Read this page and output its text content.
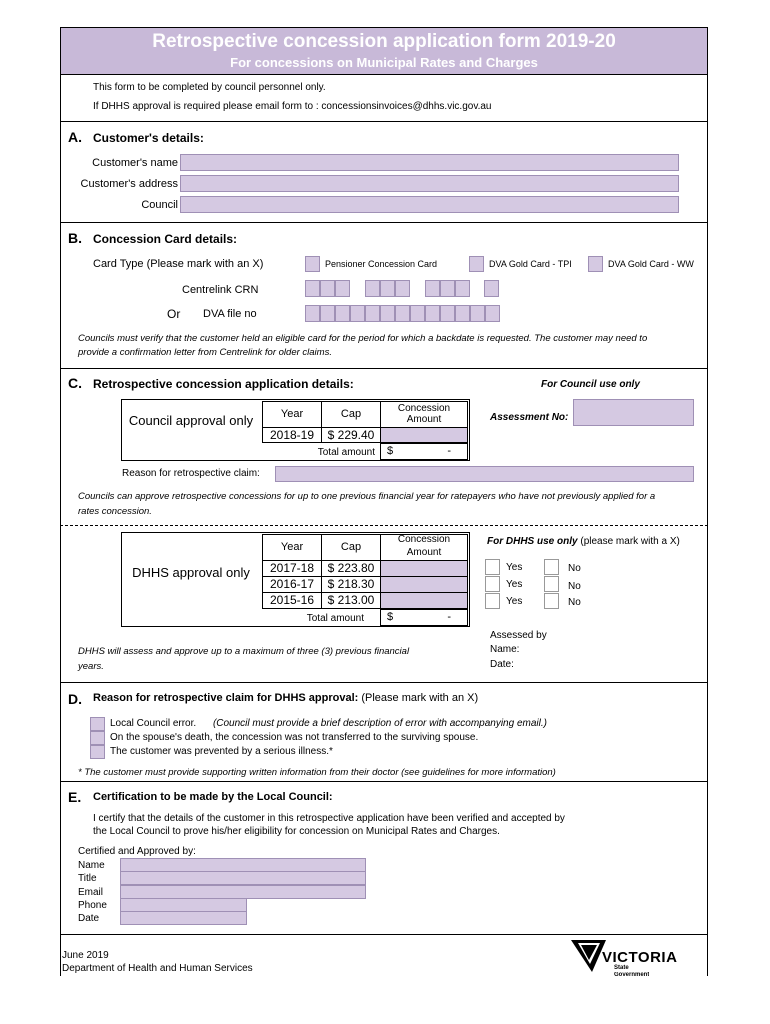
Retrospective concession application form 2019-20
For concessions on Municipal Rates and Charges
This form to be completed by council personnel only.
If DHHS approval is required please email form to : concessionsinvoices@dhhs.vic.gov.au
A. Customer's details:
Customer's name
Customer's address
Council
B. Concession Card details:
Card Type (Please mark with an X)	Pensioner Concession Card	DVA Gold Card - TPI	DVA Gold Card - WW
Centrelink CRN
Or DVA file no
Councils must verify that the customer held an eligible card for the period for which a backdate is requested. The customer may need to
provide a confirmation letter from Centrelink for older claims.
C. Retrospective concession application details:	For Council use only
Council approval only	Year	Cap	Concession
Amount
2018-19	$ 229.40
Total amount $	-
Assessment No:
Reason for retrospective claim:
Councils can approve retrospective concessions for up to one previous financial year for ratepayers who have not previously applied for a
rates concession.
DHHS approval only
Year	Cap
Concession
Amount
2017-18	$ 223.80
2016-17	$ 218.30
2015-16	$ 213.00
Total amount $	-
For DHHS use only (please mark with a X)
Yes	No
Yes	No
Yes	No
DHHS will assess and approve up to a maximum of three (3) previous financial
years.
Assessed by
Name:
Date:
D. Reason for retrospective claim for DHHS approval: (Please mark with an X)
Local Council error. (Council must provide a brief description of error with accompanying email.)
On the spouse's death, the concession was not transferred to the surviving spouse.
The customer was prevented by a serious illness.*
* The customer must provide supporting written information from their doctor (see guidelines for more information)
E. Certification to be made by the Local Council:
I certify that the details of the customer in this retrospective application have been verified and accepted by
the Local Council to prove his/her eligibility for concession on Municipal Rates and Charges.
Certified and Approved by:
Name
Title
Email
Phone
Date
June 2019
Department of Health and Human Services
VICTORIA
State
Government
